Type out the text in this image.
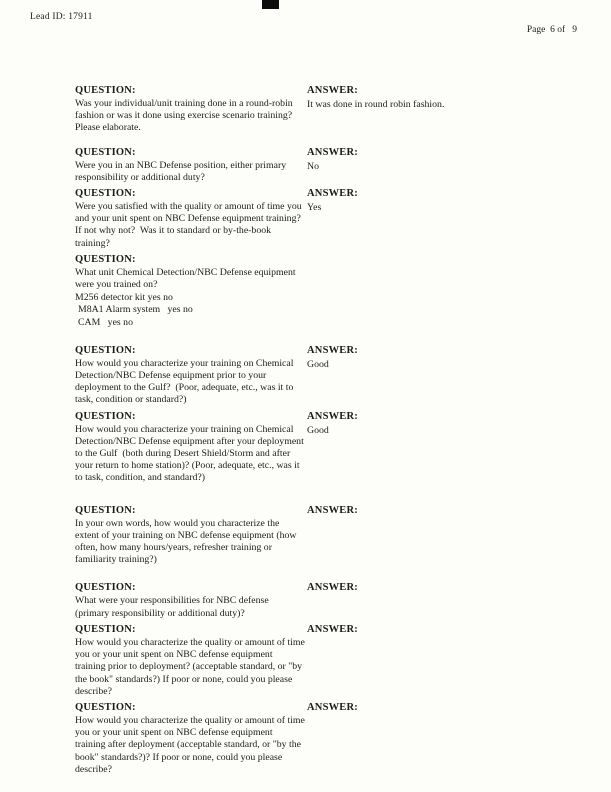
Lead ID: 17911
Page  6 of   9
QUESTION:
Was your individual/unit training done in a round-robin fashion or was it done using exercise scenario training? Please elaborate.
ANSWER:
It was done in round robin fashion.
QUESTION:
Were you in an NBC Defense position, either primary responsibility or additional duty?
ANSWER:
No
QUESTION:
Were you satisfied with the quality or amount of time you and your unit spent on NBC Defense equipment training?  If not why not?  Was it to standard or by-the-book training?
ANSWER:
Yes
QUESTION:
What unit Chemical Detection/NBC Defense equipment were you trained on?
M256 detector kit yes no
M8A1 Alarm system   yes no
CAM   yes no
QUESTION:
How would you characterize your training on Chemical Detection/NBC Defense equipment prior to your deployment to the Gulf?  (Poor, adequate, etc., was it to task, condition or standard?)
ANSWER:
Good
QUESTION:
How would you characterize your training on Chemical Detection/NBC Defense equipment after your deployment to the Gulf  (both during Desert Shield/Storm and after your return to home station)? (Poor, adequate, etc., was it to task, condition, and standard?)
ANSWER:
Good
QUESTION:
In your own words, how would you characterize the extent of your training on NBC defense equipment (how often, how many hours/years, refresher training or familiarity training?)
ANSWER:
QUESTION:
What were your responsibilities for NBC defense (primary responsibility or additional duty)?
ANSWER:
QUESTION:
How would you characterize the quality or amount of time you or your unit spent on NBC defense equipment training prior to deployment? (acceptable standard, or "by the book" standards?) If poor or none, could you please describe?
ANSWER:
QUESTION:
How would you characterize the quality or amount of time you or your unit spent on NBC defense equipment training after deployment (acceptable standard, or "by the book" standards?)? If poor or none, could you please describe?
ANSWER:
